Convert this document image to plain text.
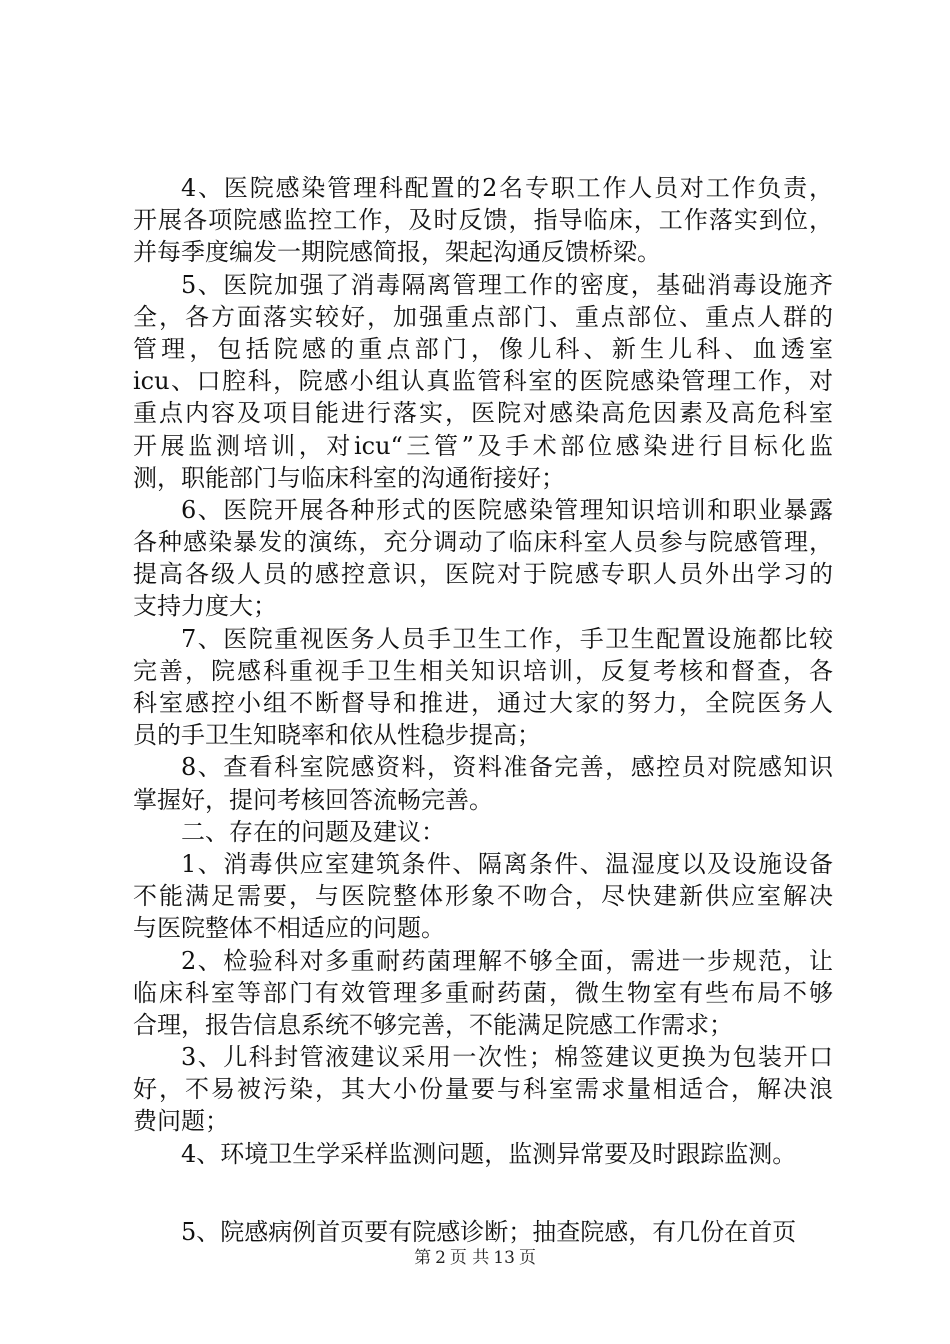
4、医院感染管理科配置的2名专职工作人员对工作负责，
开展各项院感监控工作，及时反馈，指导临床，工作落实到位，
并每季度编发一期院感简报，架起沟通反馈桥梁。
5、医院加强了消毒隔离管理工作的密度，基础消毒设施齐
全，各方面落实较好，加强重点部门、重点部位、重点人群的
管理，包括院感的重点部门，像儿科、新生儿科、血透室
icu、口腔科，院感小组认真监管科室的医院感染管理工作，对
重点内容及项目能进行落实，医院对感染高危因素及高危科室
开展监测培训，对icu“三管”及手术部位感染进行目标化监
测，职能部门与临床科室的沟通衔接好；
6、医院开展各种形式的医院感染管理知识培训和职业暴露
各种感染暴发的演练，充分调动了临床科室人员参与院感管理，
提高各级人员的感控意识，医院对于院感专职人员外出学习的
支持力度大；
7、医院重视医务人员手卫生工作，手卫生配置设施都比较
完善，院感科重视手卫生相关知识培训，反复考核和督查，各
科室感控小组不断督导和推进，通过大家的努力，全院医务人
员的手卫生知晓率和依从性稳步提高；
8、查看科室院感资料，资料准备完善，感控员对院感知识
掌握好，提问考核回答流畅完善。
二、存在的问题及建议：
1、消毒供应室建筑条件、隔离条件、温湿度以及设施设备
不能满足需要，与医院整体形象不吻合，尽快建新供应室解决
与医院整体不相适应的问题。
2、检验科对多重耐药菌理解不够全面，需进一步规范，让
临床科室等部门有效管理多重耐药菌，微生物室有些布局不够
合理，报告信息系统不够完善，不能满足院感工作需求；
3、儿科封管液建议采用一次性；棉签建议更换为包装开口
好，不易被污染，其大小份量要与科室需求量相适合，解决浪
费问题；
4、环境卫生学采样监测问题，监测异常要及时跟踪监测。
5、院感病例首页要有院感诊断；抽查院感，有几份在首页
第 2 页 共 13 页
